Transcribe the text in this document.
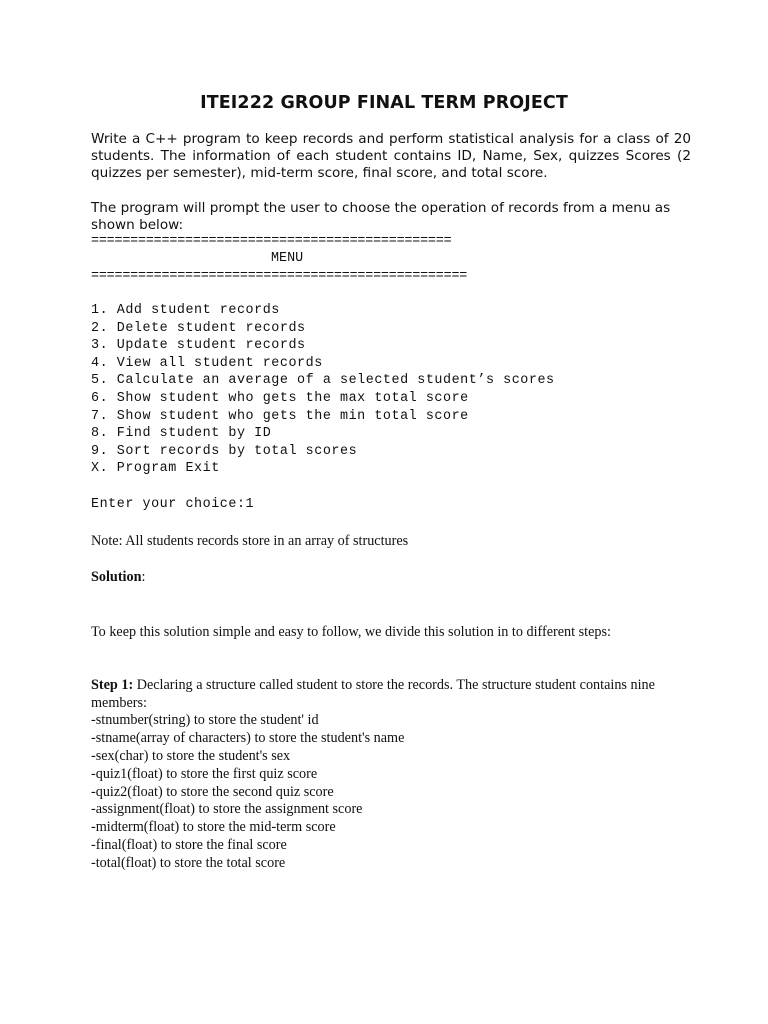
ITEI222 GROUP FINAL TERM PROJECT

Write a C++ program to keep records and perform statistical analysis for a class of 20 students. The information of each student contains ID, Name, Sex, quizzes Scores (2 quizzes per semester), mid-term score, final score, and total score.

The program will prompt the user to choose the operation of records from a menu as shown below:

==============================================
MENU
================================================
1. Add student records
2. Delete student records
3. Update student records
4. View all student records
5. Calculate an average of a selected student’s scores
6. Show student who gets the max total score
7. Show student who gets the min total score
8. Find student by ID
9. Sort records by total scores
X. Program Exit
Enter your choice:1
Note: All students records store in an array of structures
Solution:
To keep this solution simple and easy to follow, we divide this solution in to different steps:

Step 1: Declaring a structure called student to store the records. The structure student contains nine members:

-stnumber(string) to store the student' id
-stname(array of characters) to store the student's name
-sex(char) to store the student's sex
-quiz1(float) to store the first quiz score
-quiz2(float) to store the second quiz score
-assignment(float) to store the assignment score
-midterm(float) to store the mid-term score
-final(float) to store the final score
-total(float) to store the total score
